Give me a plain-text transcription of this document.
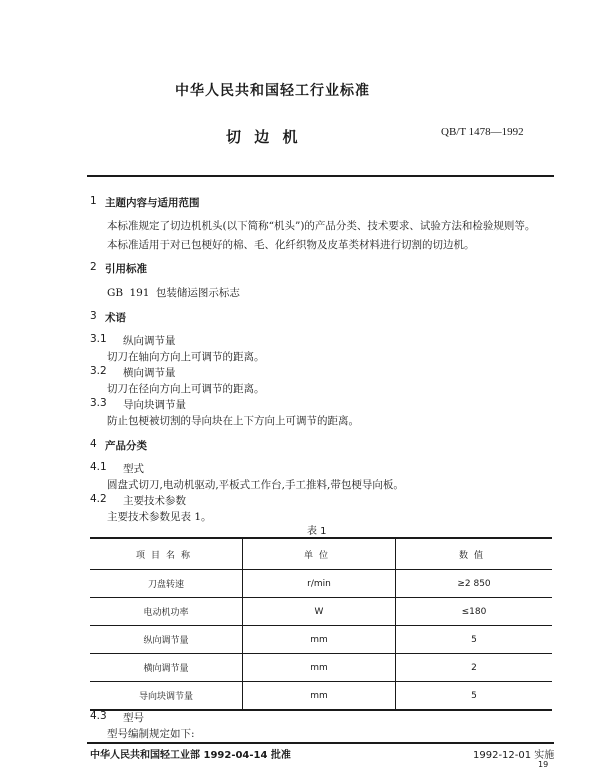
中华人民共和国轻工行业标准
切 边 机	QB/T 1478—1992
1 主题内容与适用范围
本标准规定了切边机机头(以下简称“机头”)的产品分类、技术要求、试验方法和检验规则等。
本标准适用于对已包梗好的棉、毛、化纤织物及皮革类材料进行切割的切边机。
2 引用标准
GB 191 包装储运图示标志
3 术语
3.1 纵向调节量
切刀在轴向方向上可调节的距离。
3.2 横向调节量
切刀在径向方向上可调节的距离。
3.3 导向块调节量
防止包梗被切割的导向块在上下方向上可调节的距离。
4 产品分类
4.1 型式
圆盘式切刀,电动机驱动,平板式工作台,手工推料,带包梗导向板。
4.2 主要技术参数
主要技术参数见表 1。
表 1
项目名称	单位	数值
刀盘转速	r/min	≥2 850
电动机功率	W	≤180
纵向调节量	mm	5
横向调节量	mm	2
导向块调节量	mm	5
4.3 型号
型号编制规定如下:
中华人民共和国轻工业部 1992-04-14 批准	1992-12-01 实施
19
